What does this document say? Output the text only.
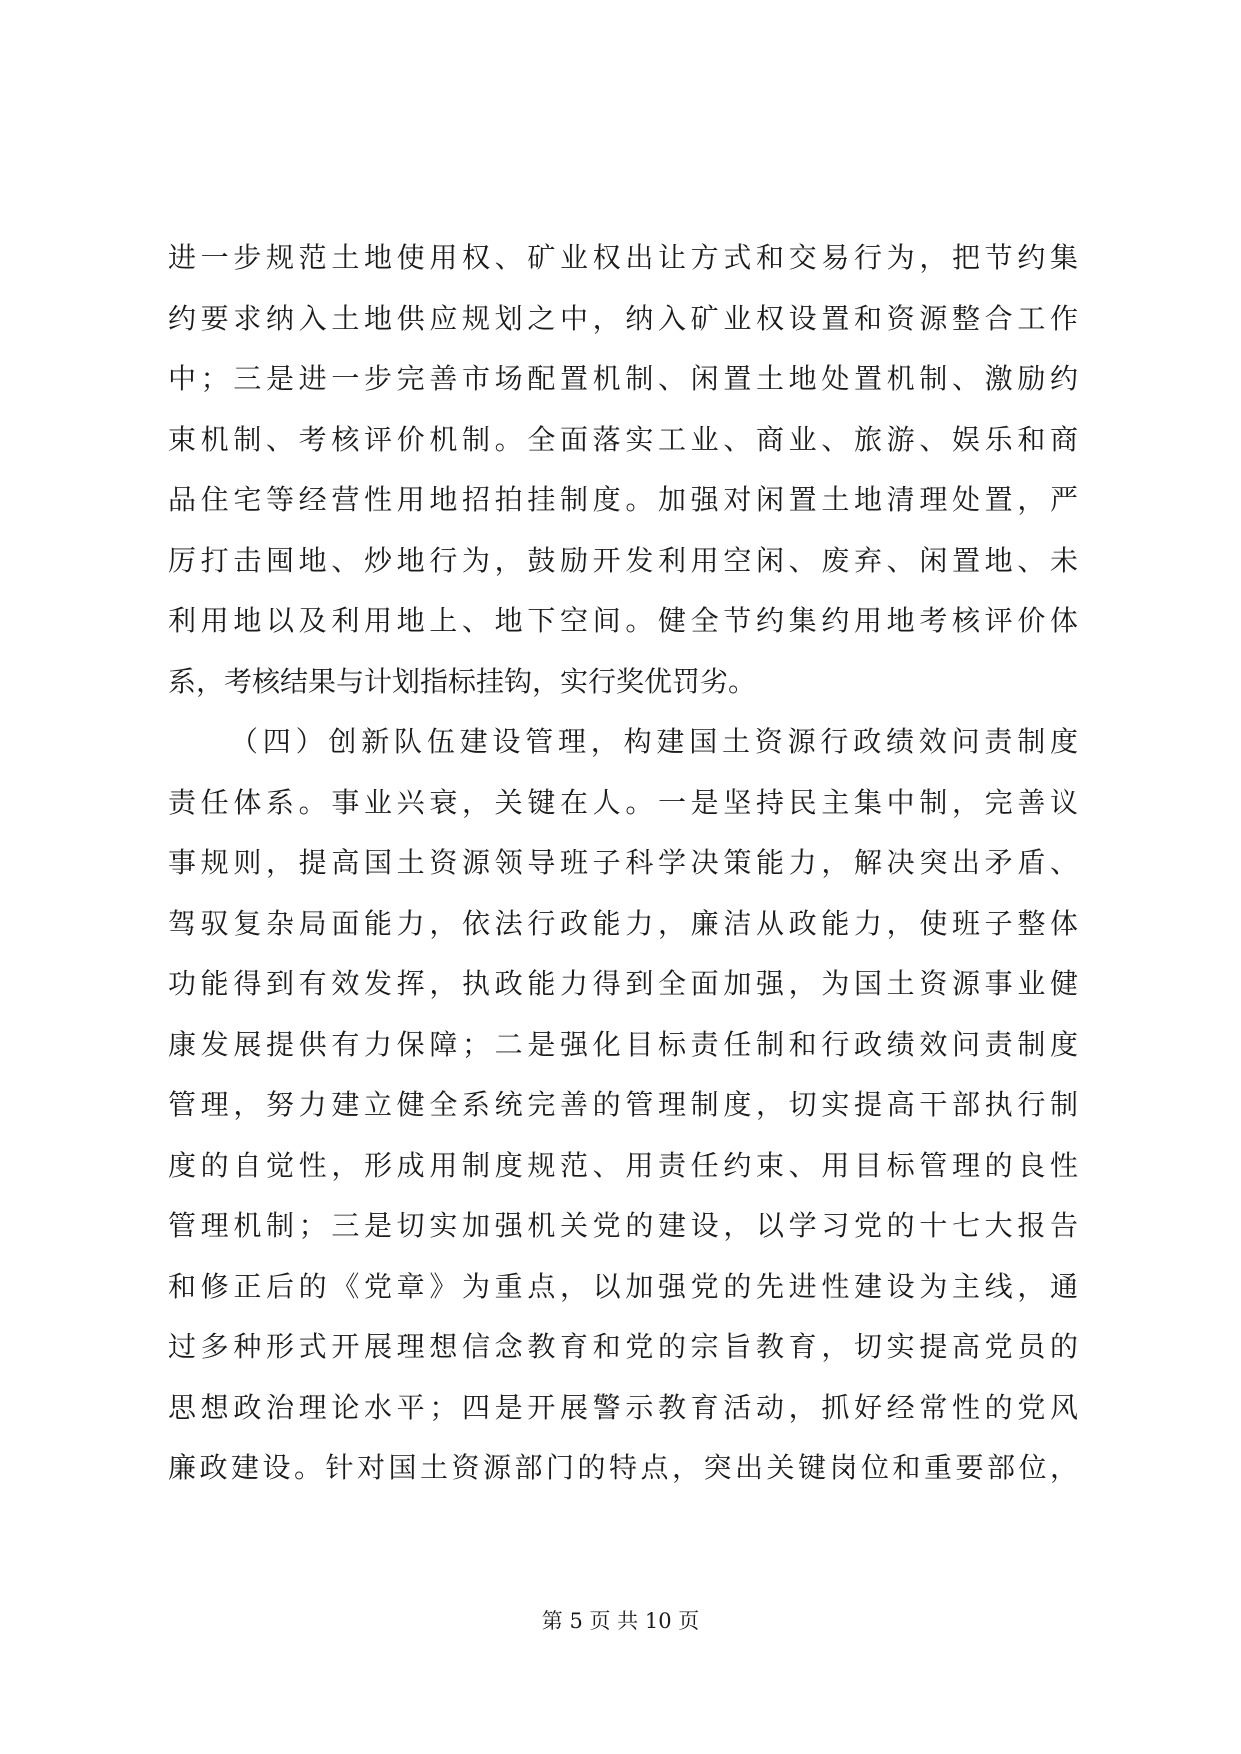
进一步规范土地使用权、矿业权出让方式和交易行为，把节约集
约要求纳入土地供应规划之中，纳入矿业权设置和资源整合工作
中；三是进一步完善市场配置机制、闲置土地处置机制、激励约
束机制、考核评价机制。全面落实工业、商业、旅游、娱乐和商
品住宅等经营性用地招拍挂制度。加强对闲置土地清理处置，严
厉打击囤地、炒地行为，鼓励开发利用空闲、废弃、闲置地、未
利用地以及利用地上、地下空间。健全节约集约用地考核评价体
系，考核结果与计划指标挂钩，实行奖优罚劣。
（四）创新队伍建设管理，构建国土资源行政绩效问责制度
责任体系。事业兴衰，关键在人。一是坚持民主集中制，完善议
事规则，提高国土资源领导班子科学决策能力，解决突出矛盾、
驾驭复杂局面能力，依法行政能力，廉洁从政能力，使班子整体
功能得到有效发挥，执政能力得到全面加强，为国土资源事业健
康发展提供有力保障；二是强化目标责任制和行政绩效问责制度
管理，努力建立健全系统完善的管理制度，切实提高干部执行制
度的自觉性，形成用制度规范、用责任约束、用目标管理的良性
管理机制；三是切实加强机关党的建设，以学习党的十七大报告
和修正后的《党章》为重点，以加强党的先进性建设为主线，通
过多种形式开展理想信念教育和党的宗旨教育，切实提高党员的
思想政治理论水平；四是开展警示教育活动，抓好经常性的党风
廉政建设。针对国土资源部门的特点，突出关键岗位和重要部位，
第 5 页 共 10 页
